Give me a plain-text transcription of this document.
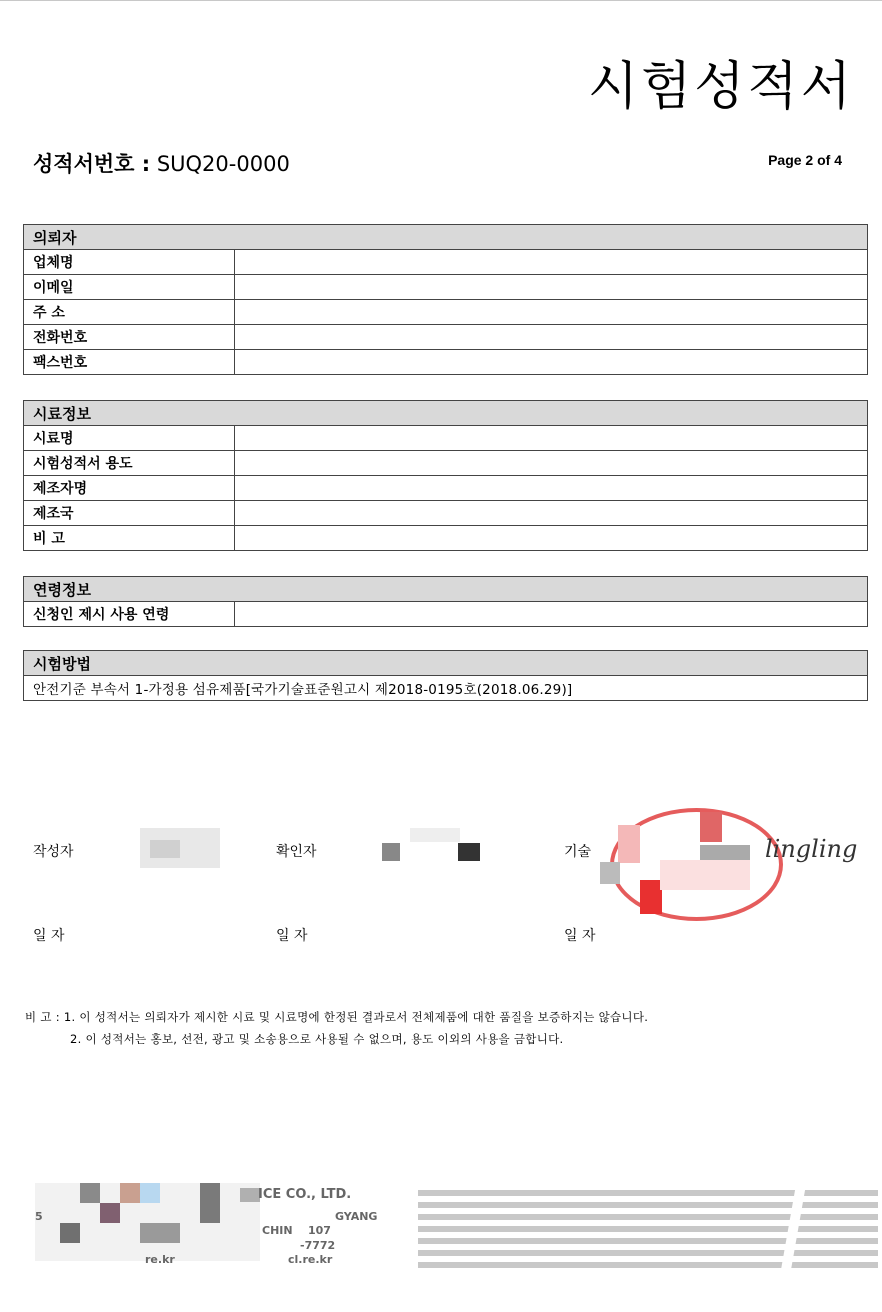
시험성적서
성적서번호 : SUQ20-0000	Page 2 of 4
의뢰자	
업체명	
이메일	
주 소	
전화번호	
팩스번호	
시료정보	
시료명	
시험성적서 용도	
제조자명	
제조국	
비 고	
연령정보
신청인 제시 사용 연령	
시험방법
안전기준 부속서 1-가정용 섬유제품[국가기술표준원고시 제2018-0195호(2018.06.29)]
작성자	확인자	기술	lingling
일 자	일 자	일 자
비 고 : 1. 이 성적서는 의뢰자가 제시한 시료 및 시료명에 한정된 결과로서 전체제품에 대한 품질을 보증하지는 않습니다.
2. 이 성적서는 홍보, 선전, 광고 및 소송용으로 사용될 수 없으며, 용도 이외의 사용을 금합니다.
ICE CO., LTD.
5	GYANG
CHIN 107
-7772
re.kr	cl.re.kr
